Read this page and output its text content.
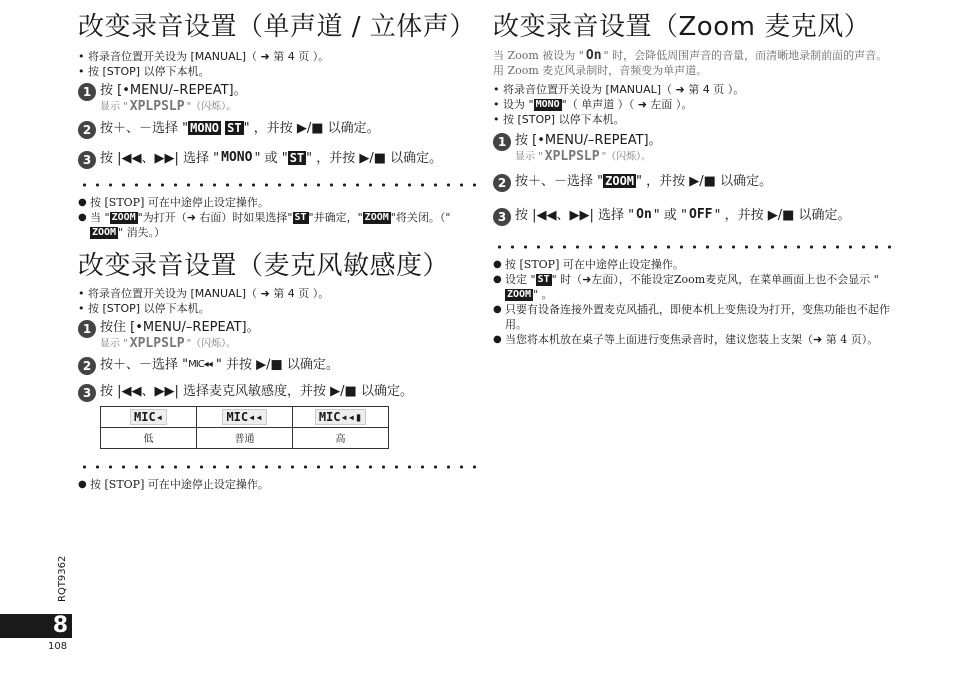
改变录音设置（单声道 / 立体声）
• 将录音位置开关设为 [MANUAL]（ ➜ 第 4 页 ）。
• 按 [STOP] 以停下本机。
1 按 [•MENU/–REPEAT]。
显示 " XPLPSLP "（闪烁）。
2 按＋、－选择 " MONO ST " ，并按 ▶/■ 以确定。
3 按 |◀◀、▶▶| 选择 " MONO " 或 " ST " ，并按 ▶/■ 以确定。
● 按 [STOP] 可在中途停止设定操作。
● 当 " ZOOM "为打开（➜ 右面）时如果选择" ST "并确定，" ZOOM "将关闭。（"ZOOM " 消失。）
改变录音设置（麦克风敏感度）
• 将录音位置开关设为 [MANUAL]（ ➜ 第 4 页 ）。
• 按 [STOP] 以停下本机。
1 按住 [•MENU/–REPEAT]。
显示 " XPLPSLP "（闪烁）。
2 按＋、－选择 "MIC◂◂ " 并按 ▶/■ 以确定。
3 按 |◀◀、▶▶| 选择麦克风敏感度，并按 ▶/■ 以确定。
MIC◂	MIC◂◂	MIC◂◂▮
低	普通	高
● 按 [STOP] 可在中途停止设定操作。
改变录音设置（Zoom 麦克风）
当 Zoom 被设为 " On " 时，会降低周围声音的音量，而清晰地录制前面的声音。
用 Zoom 麦克风录制时，音频变为单声道。
• 将录音位置开关设为 [MANUAL]（ ➜ 第 4 页 ）。
• 设为 " MONO "（ 单声道 ）（ ➜ 左面 ）。
• 按 [STOP] 以停下本机。
1 按 [•MENU/–REPEAT]。
显示 " XPLPSLP "（闪烁）。
2 按＋、－选择 " ZOOM " ，并按 ▶/■ 以确定。
3 按 |◀◀、▶▶| 选择 " On " 或 " OFF " ，并按 ▶/■ 以确定。
● 按 [STOP] 可在中途停止设定操作。
● 设定 " ST " 时（➜左面），不能设定Zoom麦克风，在菜单画面上也不会显示 "ZOOM " 。
● 只要有设备连接外置麦克风插孔，即使本机上变焦设为打开，变焦功能也不起作用。
● 当您将本机放在桌子等上面进行变焦录音时，建议您装上支架（➜ 第 4 页）。
RQT9362
8
108
